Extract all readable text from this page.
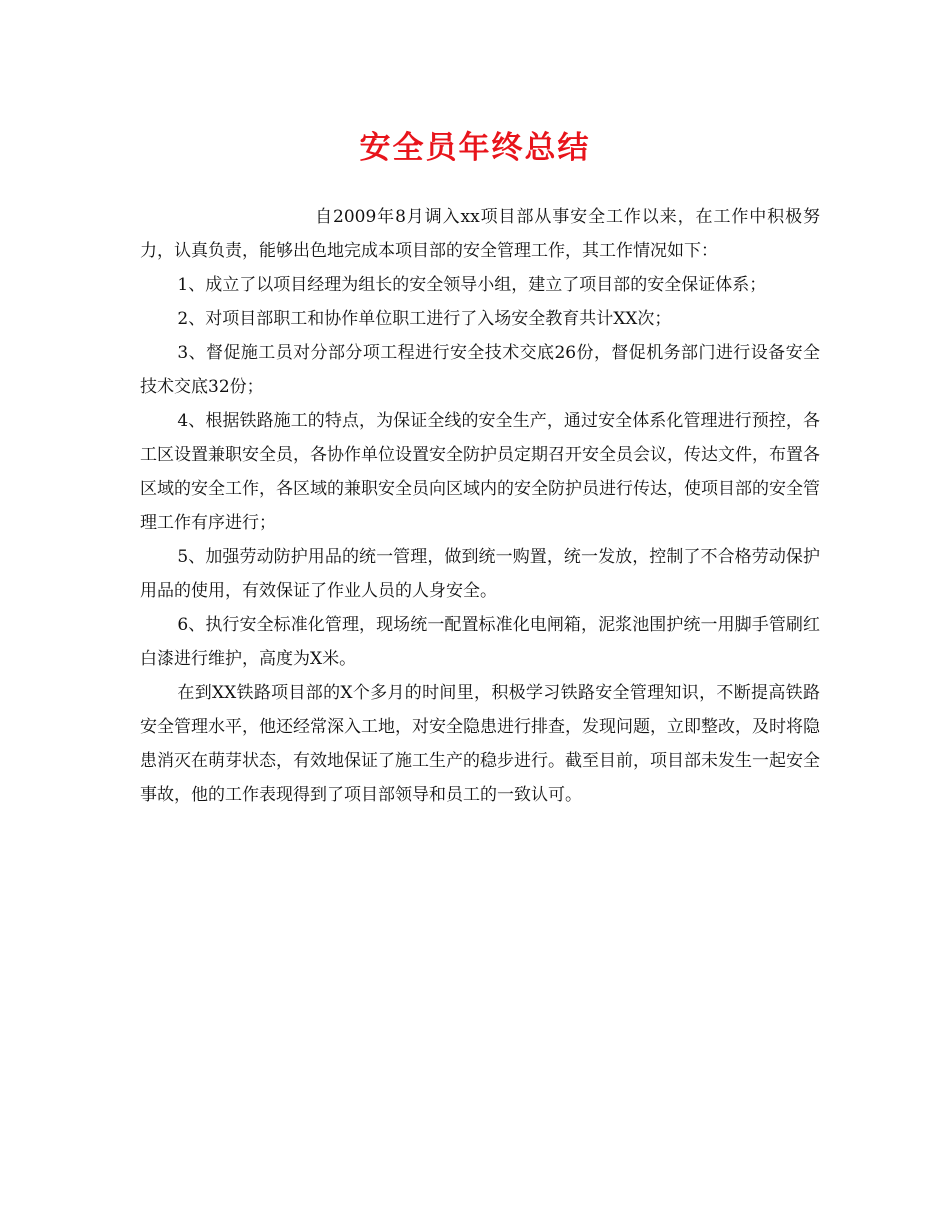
安全员年终总结

自2009年8月调入xx项目部从事安全工作以来，在工作中积极努力，认真负责，能够出色地完成本项目部的安全管理工作，其工作情况如下：

1、成立了以项目经理为组长的安全领导小组，建立了项目部的安全保证体系；

2、对项目部职工和协作单位职工进行了入场安全教育共计XX次；

3、督促施工员对分部分项工程进行安全技术交底26份，督促机务部门进行设备安全技术交底32份；

4、根据铁路施工的特点，为保证全线的安全生产，通过安全体系化管理进行预控，各工区设置兼职安全员，各协作单位设置安全防护员定期召开安全员会议，传达文件，布置各区域的安全工作，各区域的兼职安全员向区域内的安全防护员进行传达，使项目部的安全管理工作有序进行；

5、加强劳动防护用品的统一管理，做到统一购置，统一发放，控制了不合格劳动保护用品的使用，有效保证了作业人员的人身安全。

6、执行安全标准化管理，现场统一配置标准化电闸箱，泥浆池围护统一用脚手管刷红白漆进行维护，高度为X米。

在到XX铁路项目部的X个多月的时间里，积极学习铁路安全管理知识，不断提高铁路安全管理水平，他还经常深入工地，对安全隐患进行排查，发现问题，立即整改，及时将隐患消灭在萌芽状态，有效地保证了施工生产的稳步进行。截至目前，项目部未发生一起安全事故，他的工作表现得到了项目部领导和员工的一致认可。
